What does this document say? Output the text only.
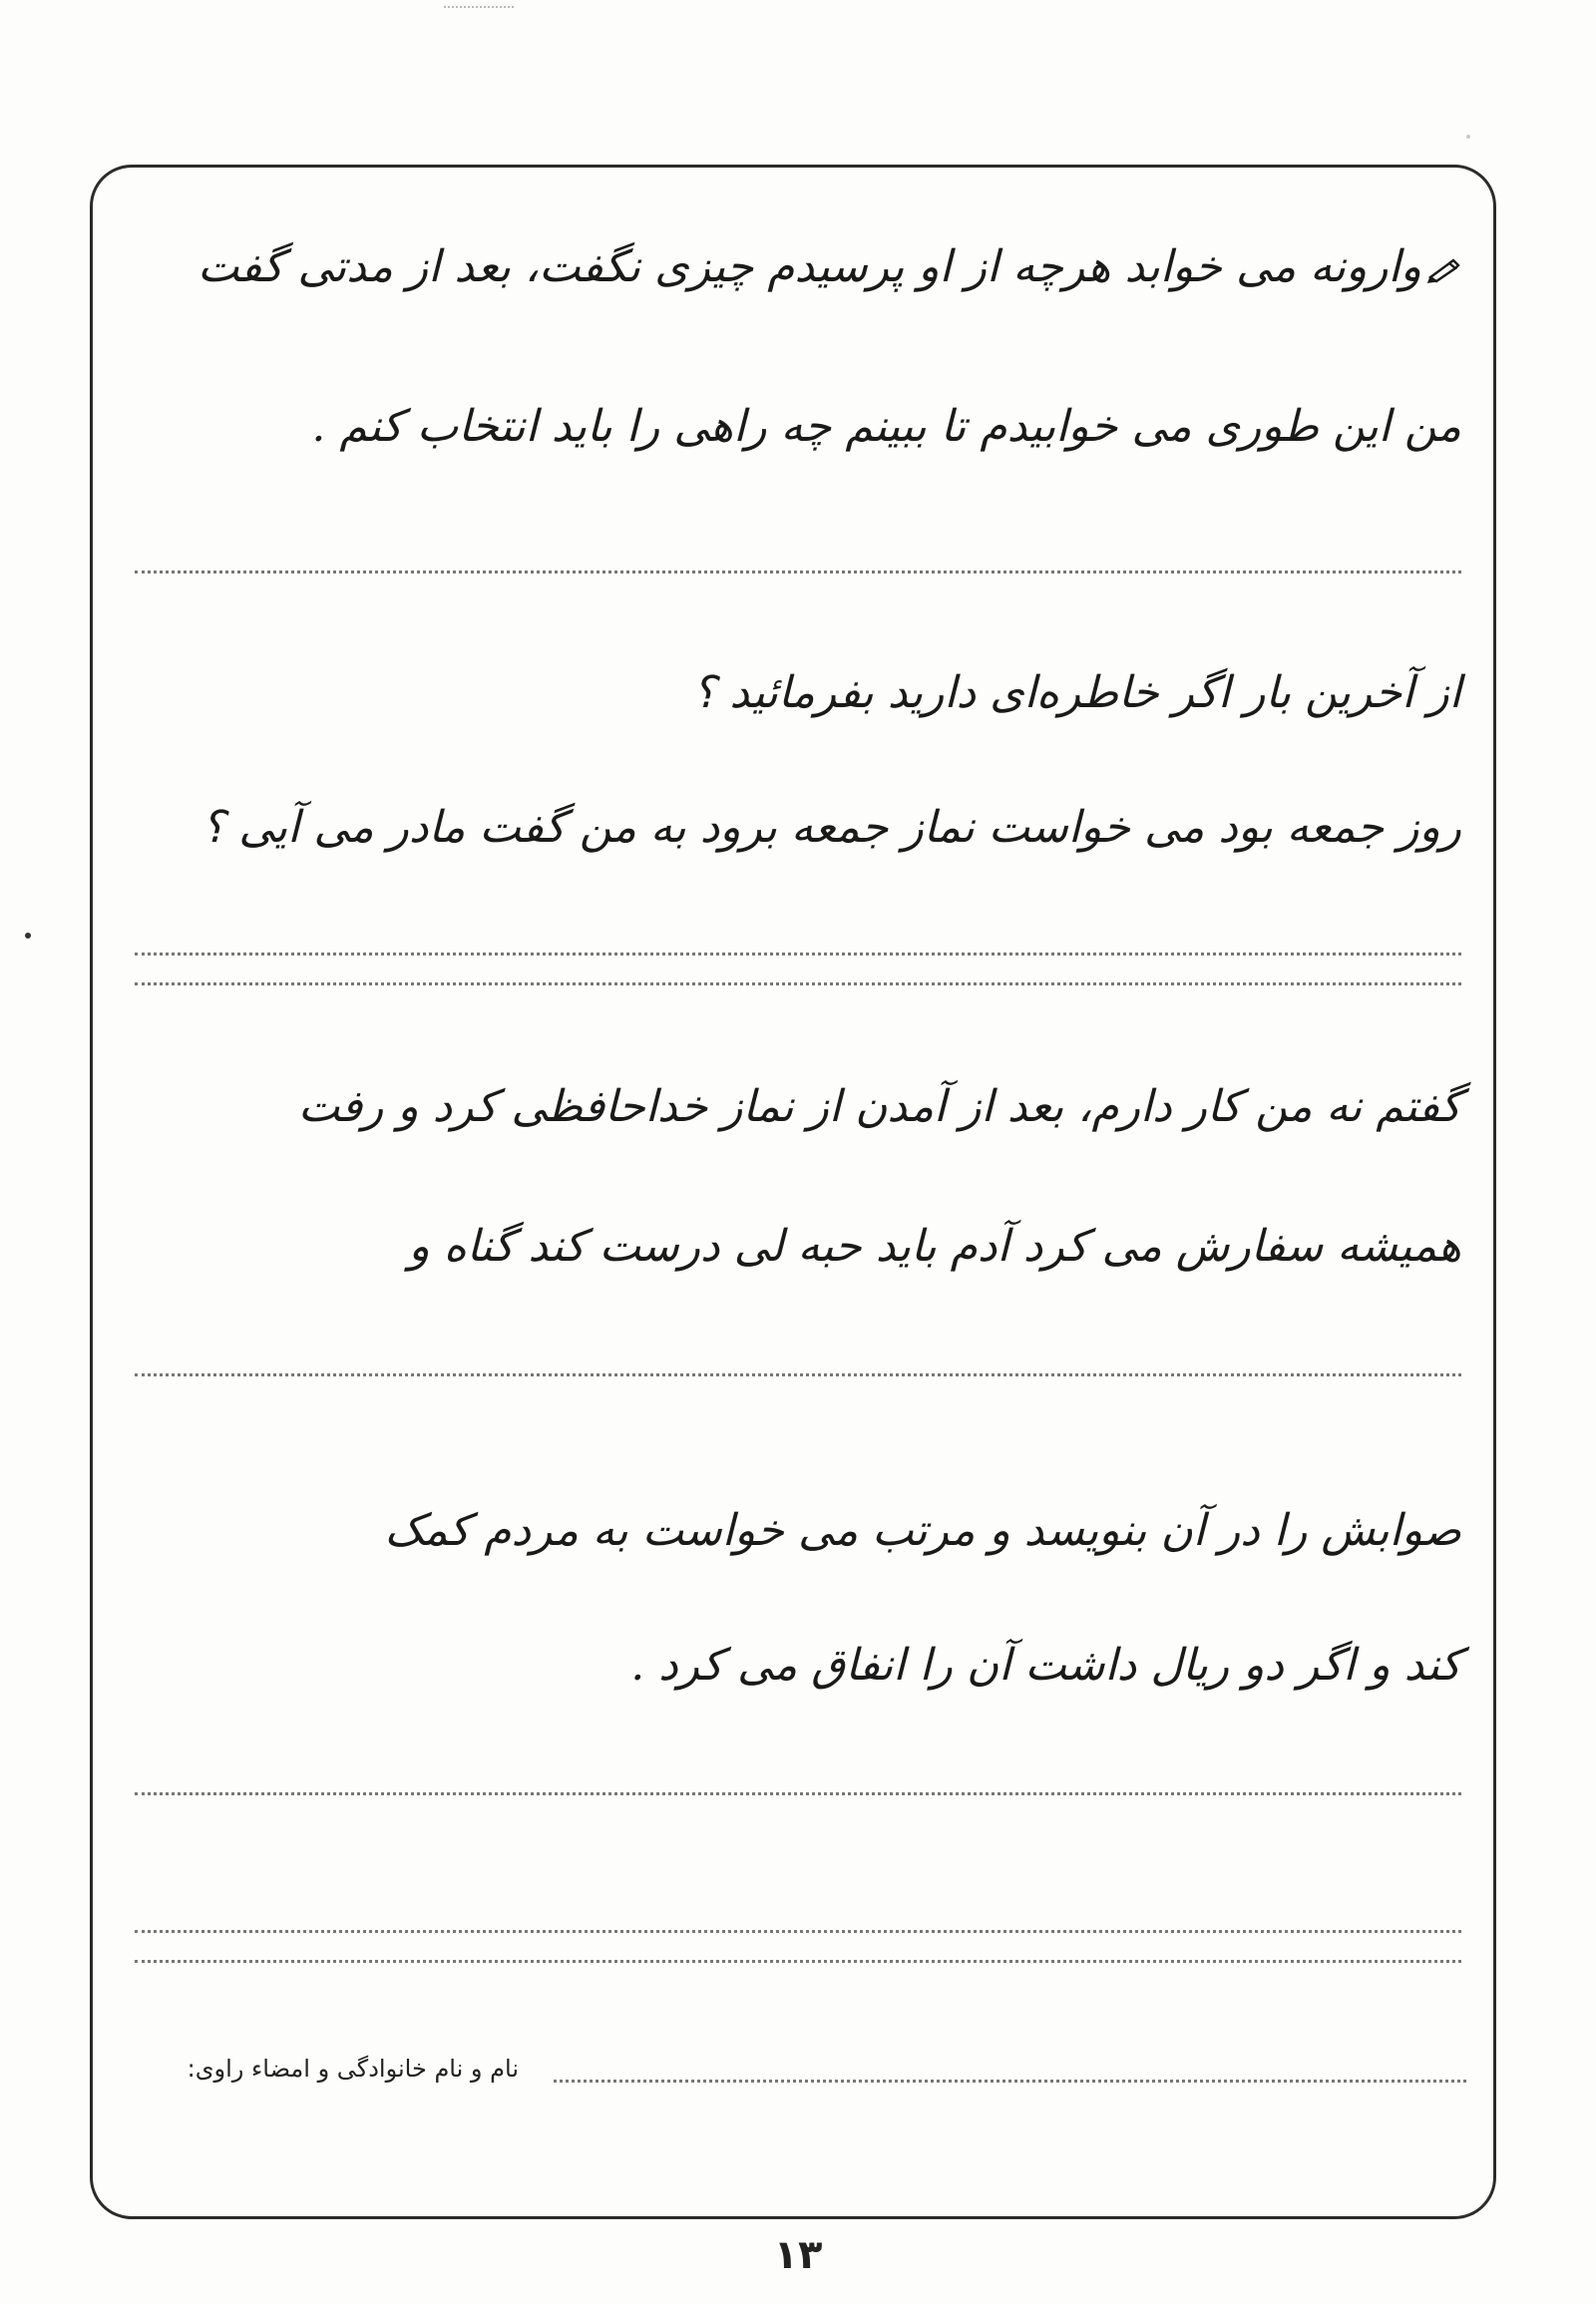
وارونه می خوابد هرچه از او پرسیدم چیزی نگفت، بعد از مدتی گفت
من این طوری می خوابیدم تا ببینم چه راهی را باید انتخاب کنم .
از آخرین بار اگر خاطره‌ای دارید بفرمائید ؟
روز جمعه بود می خواست نماز جمعه برود به من گفت مادر می آیی ؟
گفتم نه من کار دارم، بعد از آمدن از نماز خداحافظی کرد و رفت
همیشه سفارش می کرد آدم باید حبه لی درست کند گناه و
صوابش را در آن بنویسد و مرتب می خواست به مردم کمک
کند و اگر دو ریال داشت آن را انفاق می کرد .
نام و نام خانوادگی و امضاء راوی:
۱۳
